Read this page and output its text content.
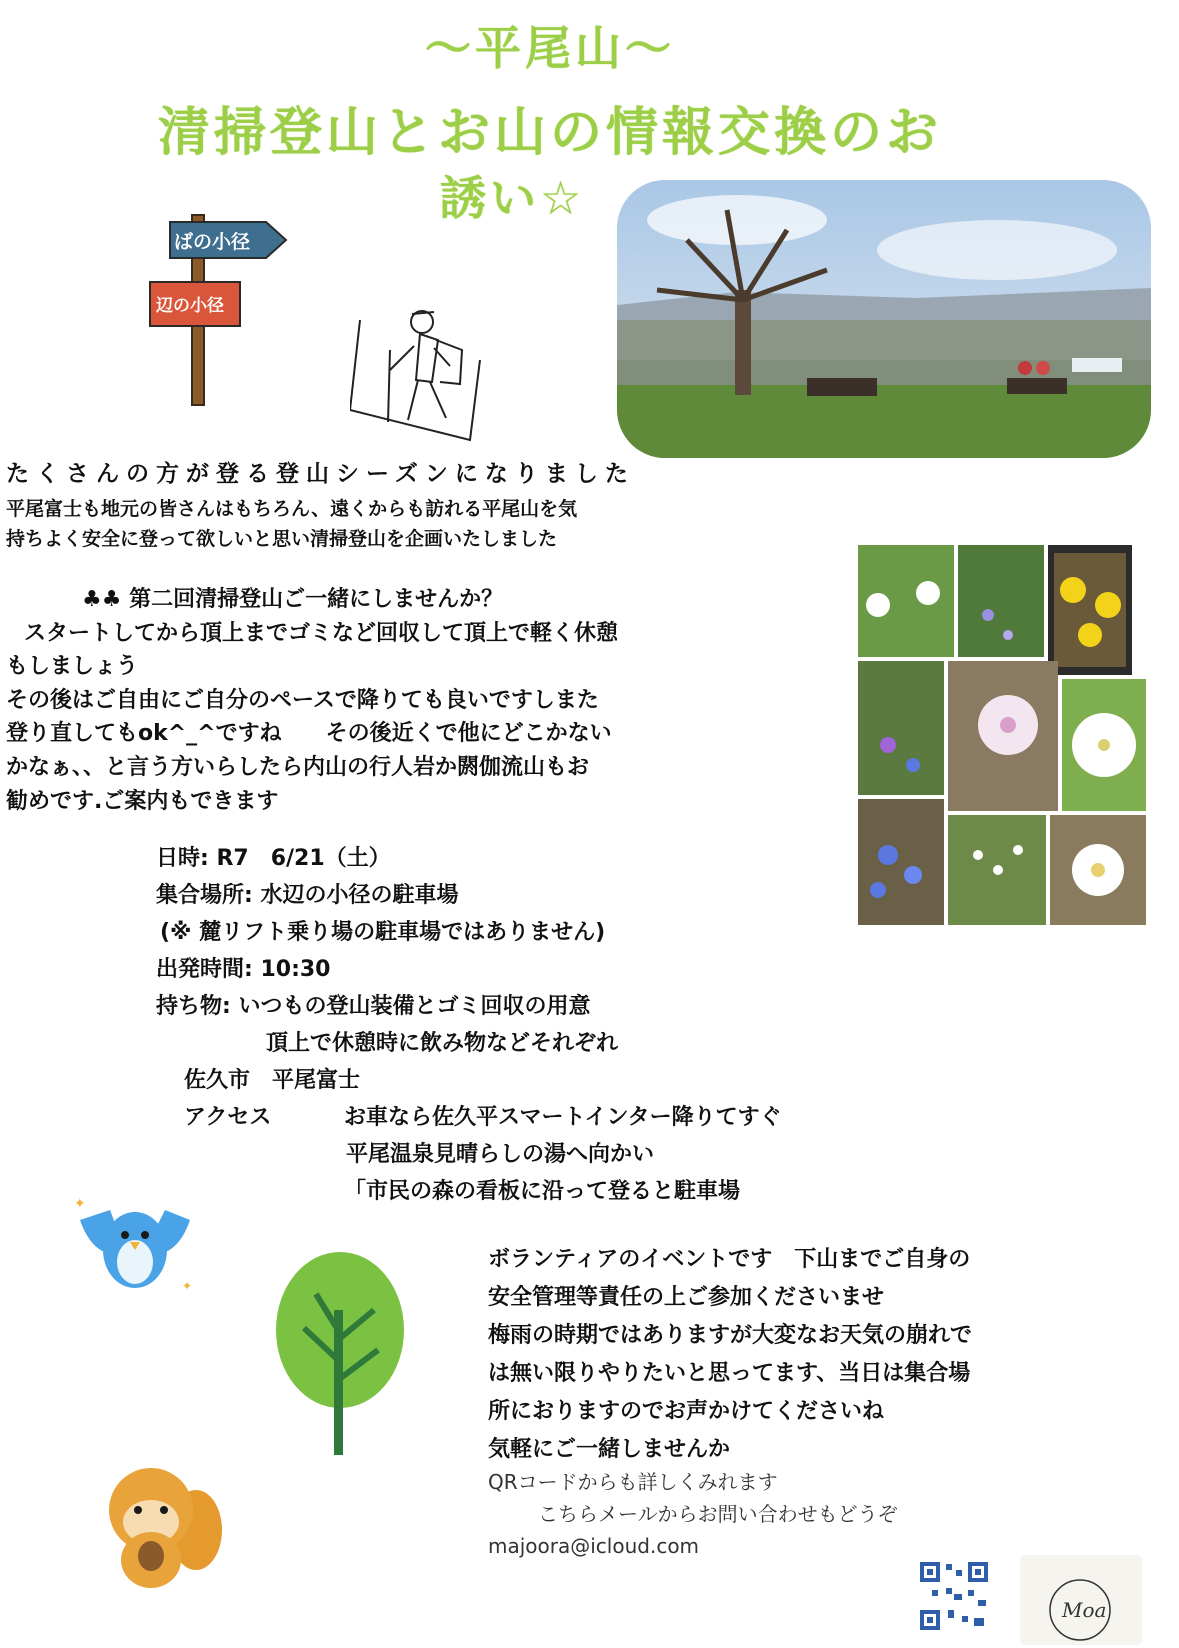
〜平尾山〜
清掃登山とお山の情報交換のお
誘い☆
ばの小径
辺の小径
たくさんの方が登る登山シーズンになりました
平尾富士も地元の皆さんはもちろん、遠くからも訪れる平尾山を気
持ちよく安全に登って欲しいと思い清掃登山を企画いたしました
♣♣ 第二回清掃登山ご一緒にしませんか？
スタートしてから頂上までゴミなど回収して頂上で軽く休憩
もしましょう
その後はご自由にご自分のペースで降りても良いですしまた
登り直してもok^_^ですね　　その後近くで他にどこかない
かなぁ、、と言う方いらしたら内山の行人岩か閼伽流山もお
勧めです.ご案内もできます
日時: R7　6/21（土）
集合場所: 水辺の小径の駐車場
(※ 麓リフト乗り場の駐車場ではありません)
出発時間: 10:30
持ち物: いつもの登山装備とゴミ回収の用意
頂上で休憩時に飲み物などそれぞれ
佐久市　平尾富士
アクセス	お車なら佐久平スマートインター降りてすぐ
平尾温泉見晴らしの湯へ向かい
「市民の森の看板に沿って登ると駐車場
✦
✦
ボランティアのイベントです　下山までご自身の
安全管理等責任の上ご参加くださいませ
梅雨の時期ではありますが大変なお天気の崩れで
は無い限りやりたいと思ってます、当日は集合場
所におりますのでお声かけてくださいね
気軽にご一緒しませんか
QRコードからも詳しくみれます
こちらメールからお問い合わせもどうぞ
majoora@icloud.com
Moa
